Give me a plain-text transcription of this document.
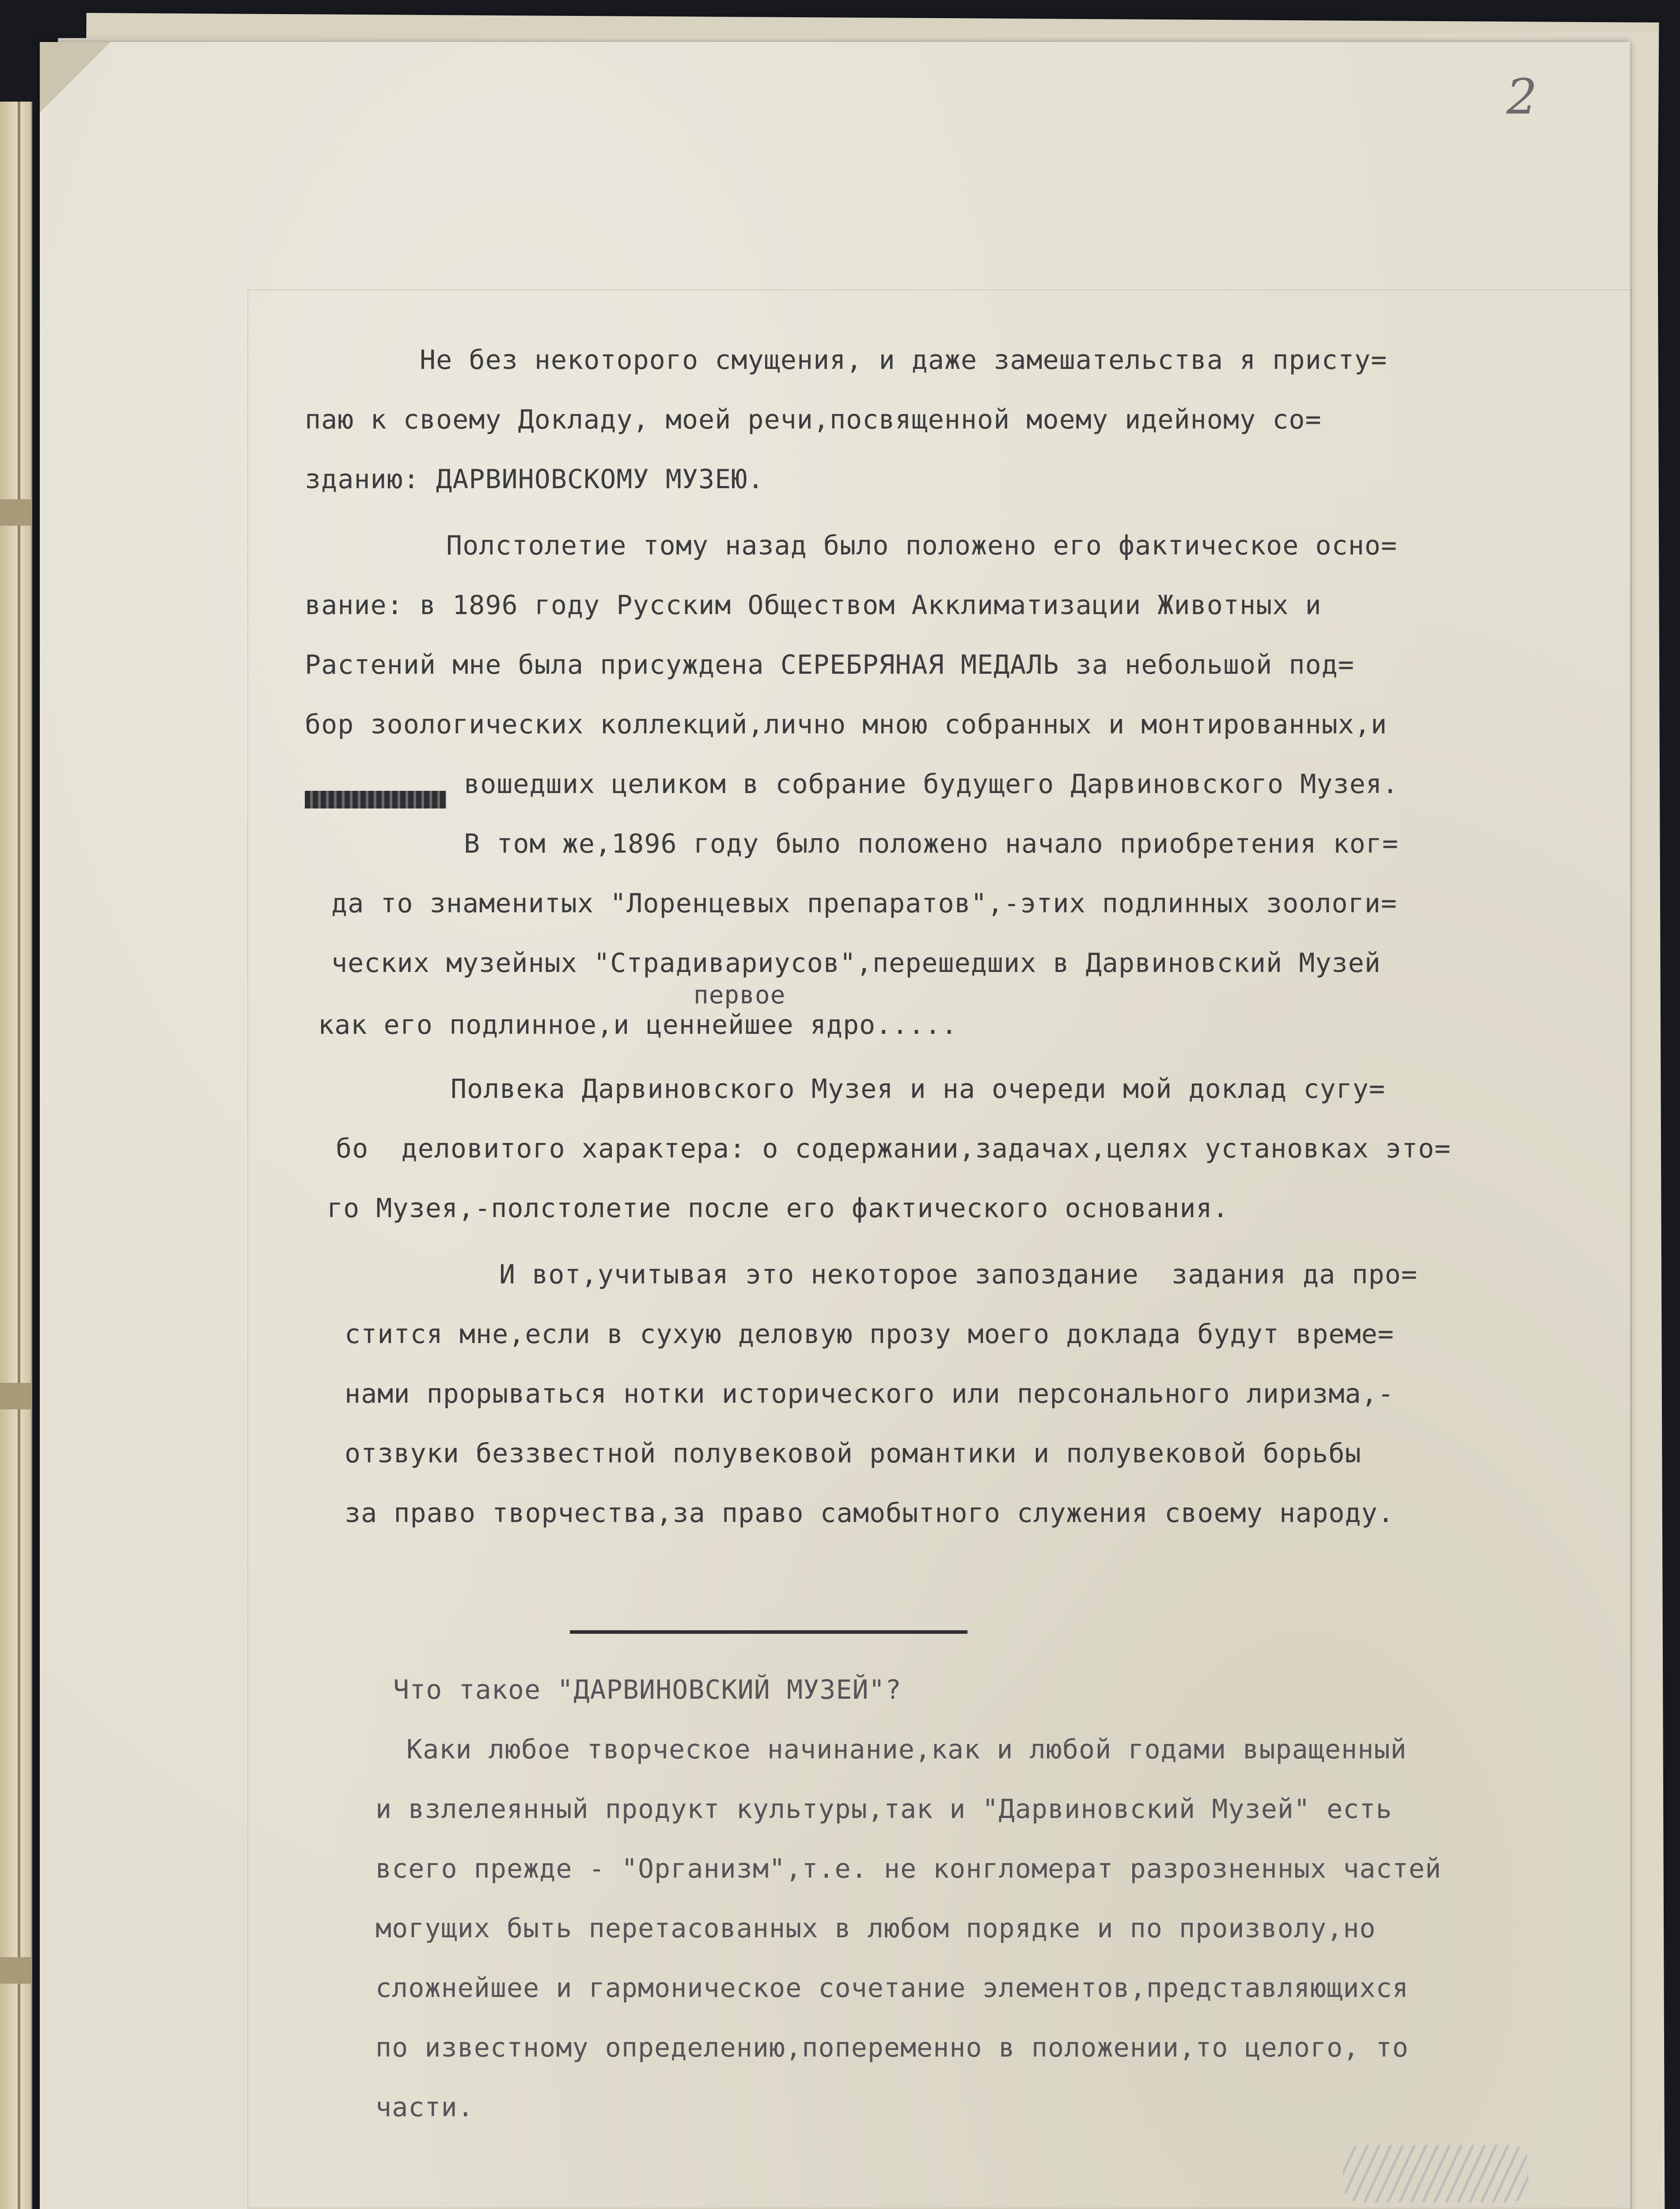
2
Не без некоторого смущения, и даже замешательства я присту=
паю к своему Докладу, моей речи,посвященной моему идейному со=
зданию: ДАРВИНОВСКОМУ МУЗЕЮ.
Полстолетие тому назад было положено его фактическое осно=
вание: в 1896 году Русским Обществом Акклиматизации Животных и
Растений мне была присуждена СЕРЕБРЯНАЯ МЕДАЛЬ за небольшой под=
бор зоологических коллекций,лично мною собранных и монтированных,и
вошедших целиком в собрание будущего Дарвиновского Музея.
В том же,1896 году было положено начало приобретения ког=
да то знаменитых "Лоренцевых препаратов",-этих подлинных зоологи=
ческих музейных "Страдивариусов",перешедших в Дарвиновский Музей
первое
как его подлинное,и ценнейшее ядро.....
Полвека Дарвиновского Музея и на очереди мой доклад сугу=
бо  деловитого характера: о содержании,задачах,целях установках это=
го Музея,-полстолетие после его фактического основания.
И вот,учитывая это некоторое запоздание  задания да про=
стится мне,если в сухую деловую прозу моего доклада будут време=
нами прорываться нотки исторического или персонального лиризма,-
отзвуки беззвестной полувековой романтики и полувековой борьбы
за право творчества,за право самобытного служения своему народу.
Что такое "ДАРВИНОВСКИЙ МУЗЕЙ"?
Каки любое творческое начинание,как и любой годами выращенный
и взлелеянный продукт культуры,так и "Дарвиновский Музей" есть
всего прежде - "Организм",т.е. не конгломерат разрозненных частей
могущих быть перетасованных в любом порядке и по произволу,но
сложнейшее и гармоническое сочетание элементов,представляющихся
по известному определению,попеременно в положении,то целого, то
части.
